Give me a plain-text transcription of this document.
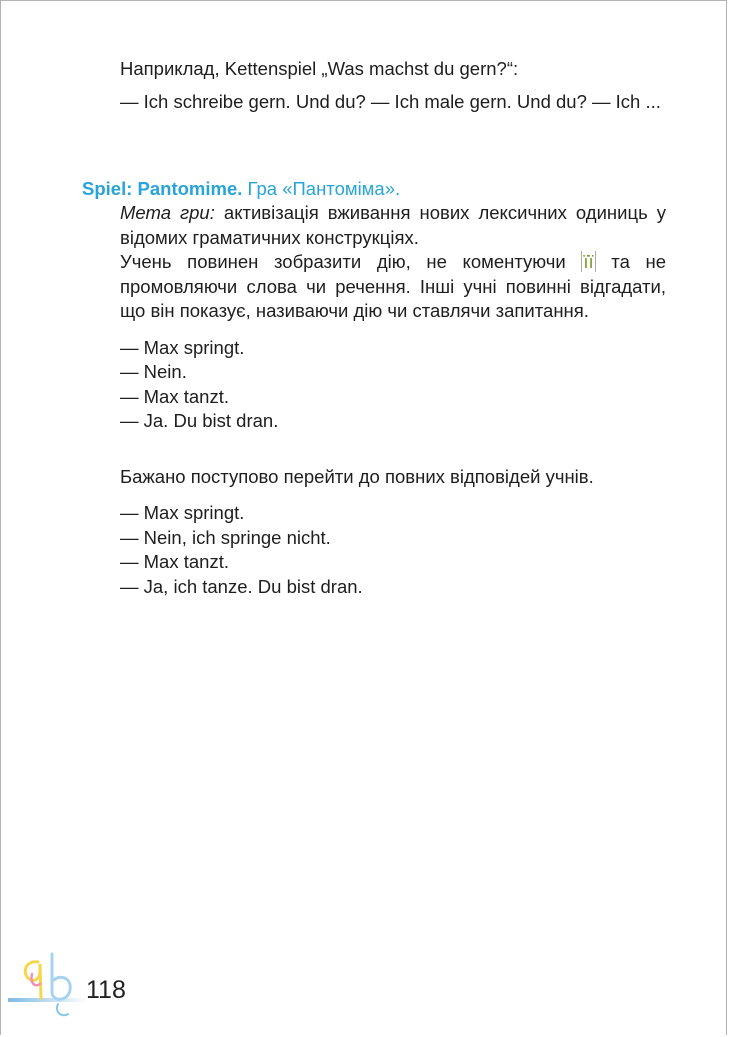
Наприклад, Kettenspiel „Was machst du gern?“:

— Ich schreibe gern. Und du? — Ich male gern. Und du? — Ich ...

Spiel: Pantomime. Гра «Пантоміма».

Мета гри: активізація вживання нових лексичних одиниць у відомих граматичних конструкціях.

Учень повинен зобразити дію, не коментуючи її та не промовляючи слова чи речення. Інші учні повинні відгадати, що він показує, називаючи дію чи ставлячи запитання.

— Max springt.
— Nein.
— Max tanzt.
— Ja. Du bist dran.

Бажано поступово перейти до повних відповідей учнів.

— Max springt.
— Nein, ich springe nicht.
— Max tanzt.
— Ja, ich tanze. Du bist dran.
118
